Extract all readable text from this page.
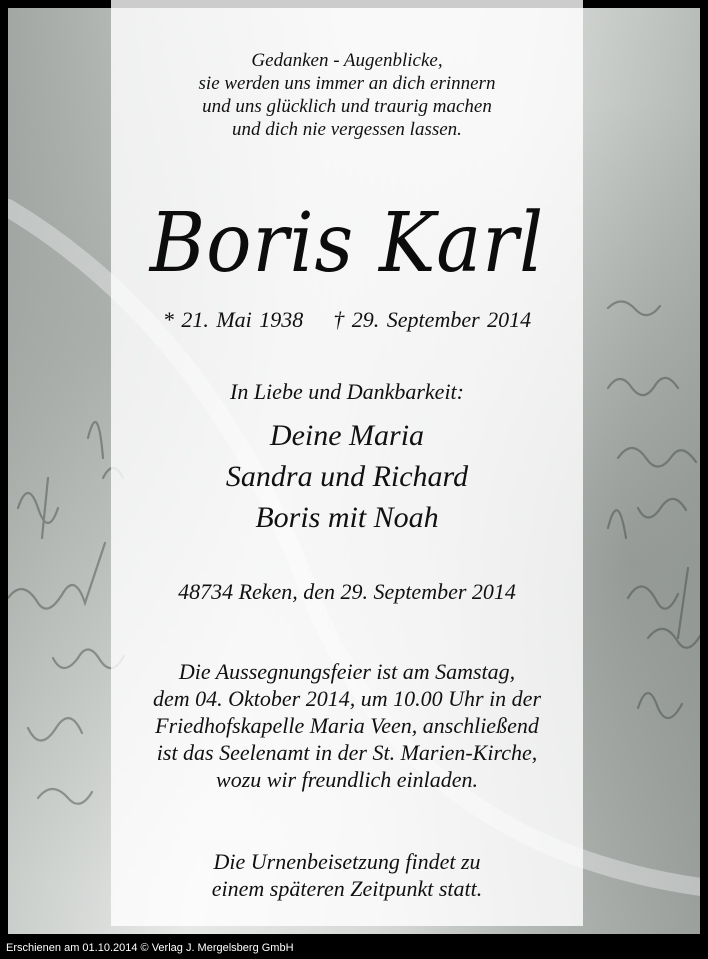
Gedanken - Augenblicke,
sie werden uns immer an dich erinnern
und uns glücklich und traurig machen
und dich nie vergessen lassen.

Boris Karl

* 21. Mai 1938 † 29. September 2014

In Liebe und Dankbarkeit:

Deine Maria
Sandra und Richard
Boris mit Noah

48734 Reken, den 29. September 2014

Die Aussegnungsfeier ist am Samstag,
dem 04. Oktober 2014, um 10.00 Uhr in der
Friedhofskapelle Maria Veen, anschließend
ist das Seelenamt in der St. Marien-Kirche,
wozu wir freundlich einladen.

Die Urnenbeisetzung findet zu
einem späteren Zeitpunkt statt.

Erschienen am 01.10.2014 © Verlag J. Mergelsberg GmbH
